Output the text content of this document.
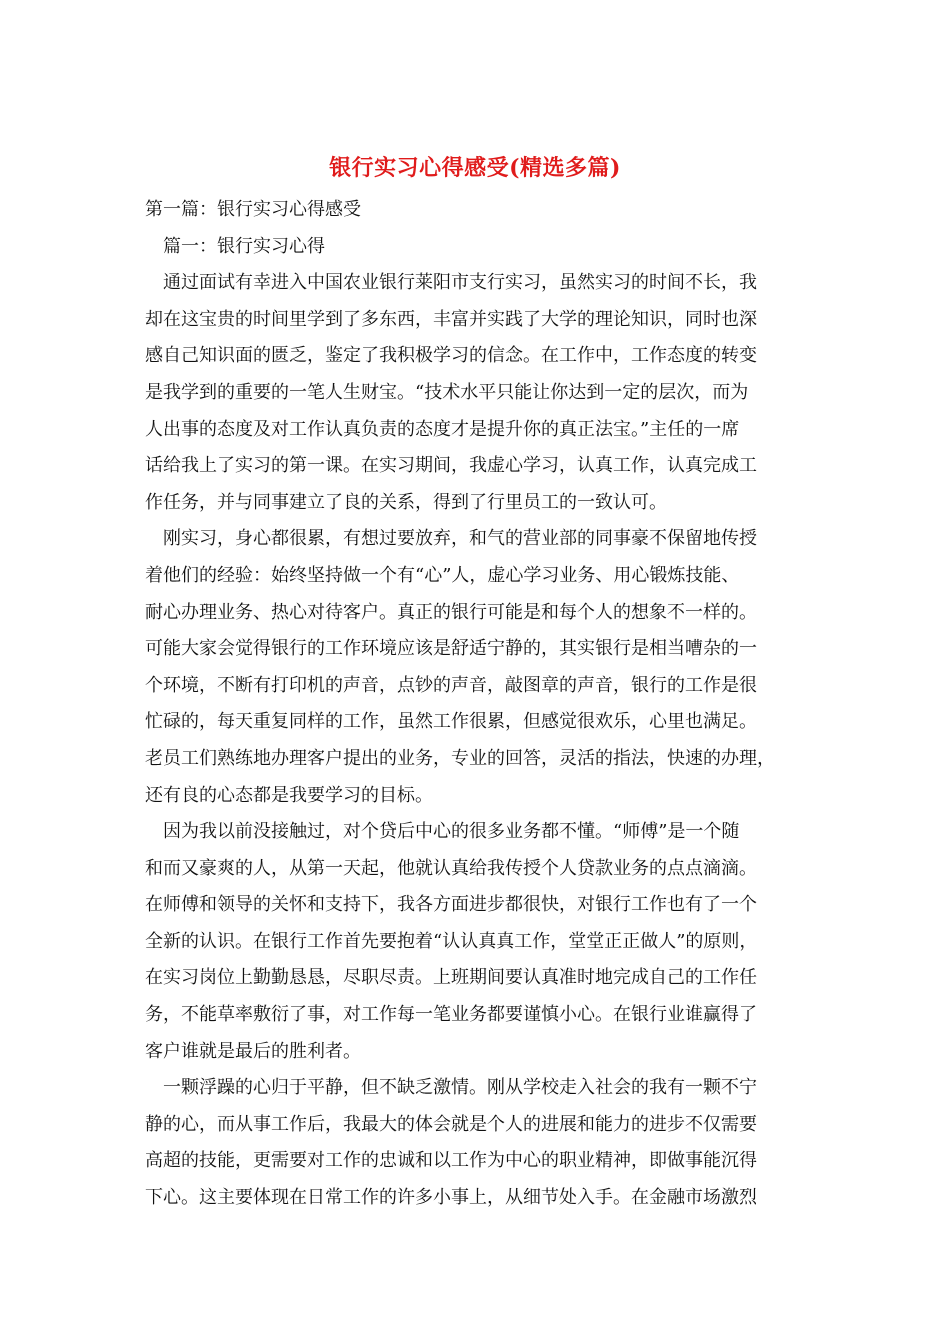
银行实习心得感受(精选多篇)

第一篇：银行实习心得感受

篇一：银行实习心得

通过面试有幸进入中国农业银行莱阳市支行实习，虽然实习的时间不长，我

却在这宝贵的时间里学到了多东西，丰富并实践了大学的理论知识，同时也深

感自己知识面的匮乏，鉴定了我积极学习的信念。在工作中，工作态度的转变

是我学到的重要的一笔人生财宝。“技术水平只能让你达到一定的层次，而为

人出事的态度及对工作认真负责的态度才是提升你的真正法宝。”主任的一席

话给我上了实习的第一课。在实习期间，我虚心学习，认真工作，认真完成工

作任务，并与同事建立了良的关系，得到了行里员工的一致认可。

刚实习，身心都很累，有想过要放弃，和气的营业部的同事豪不保留地传授

着他们的经验：始终坚持做一个有“心”人，虚心学习业务、用心锻炼技能、

耐心办理业务、热心对待客户。真正的银行可能是和每个人的想象不一样的。

可能大家会觉得银行的工作环境应该是舒适宁静的，其实银行是相当嘈杂的一

个环境，不断有打印机的声音，点钞的声音，敲图章的声音，银行的工作是很

忙碌的，每天重复同样的工作，虽然工作很累，但感觉很欢乐，心里也满足。

老员工们熟练地办理客户提出的业务，专业的回答，灵活的指法，快速的办理，

还有良的心态都是我要学习的目标。

因为我以前没接触过，对个贷后中心的很多业务都不懂。“师傅”是一个随

和而又豪爽的人，从第一天起，他就认真给我传授个人贷款业务的点点滴滴。

在师傅和领导的关怀和支持下，我各方面进步都很快，对银行工作也有了一个

全新的认识。在银行工作首先要抱着“认认真真工作，堂堂正正做人”的原则，

在实习岗位上勤勤恳恳，尽职尽责。上班期间要认真准时地完成自己的工作任

务，不能草率敷衍了事，对工作每一笔业务都要谨慎小心。在银行业谁赢得了

客户谁就是最后的胜利者。

一颗浮躁的心归于平静，但不缺乏激情。刚从学校走入社会的我有一颗不宁

静的心，而从事工作后，我最大的体会就是个人的进展和能力的进步不仅需要

高超的技能，更需要对工作的忠诚和以工作为中心的职业精神，即做事能沉得

下心。这主要体现在日常工作的许多小事上，从细节处入手。在金融市场激烈
